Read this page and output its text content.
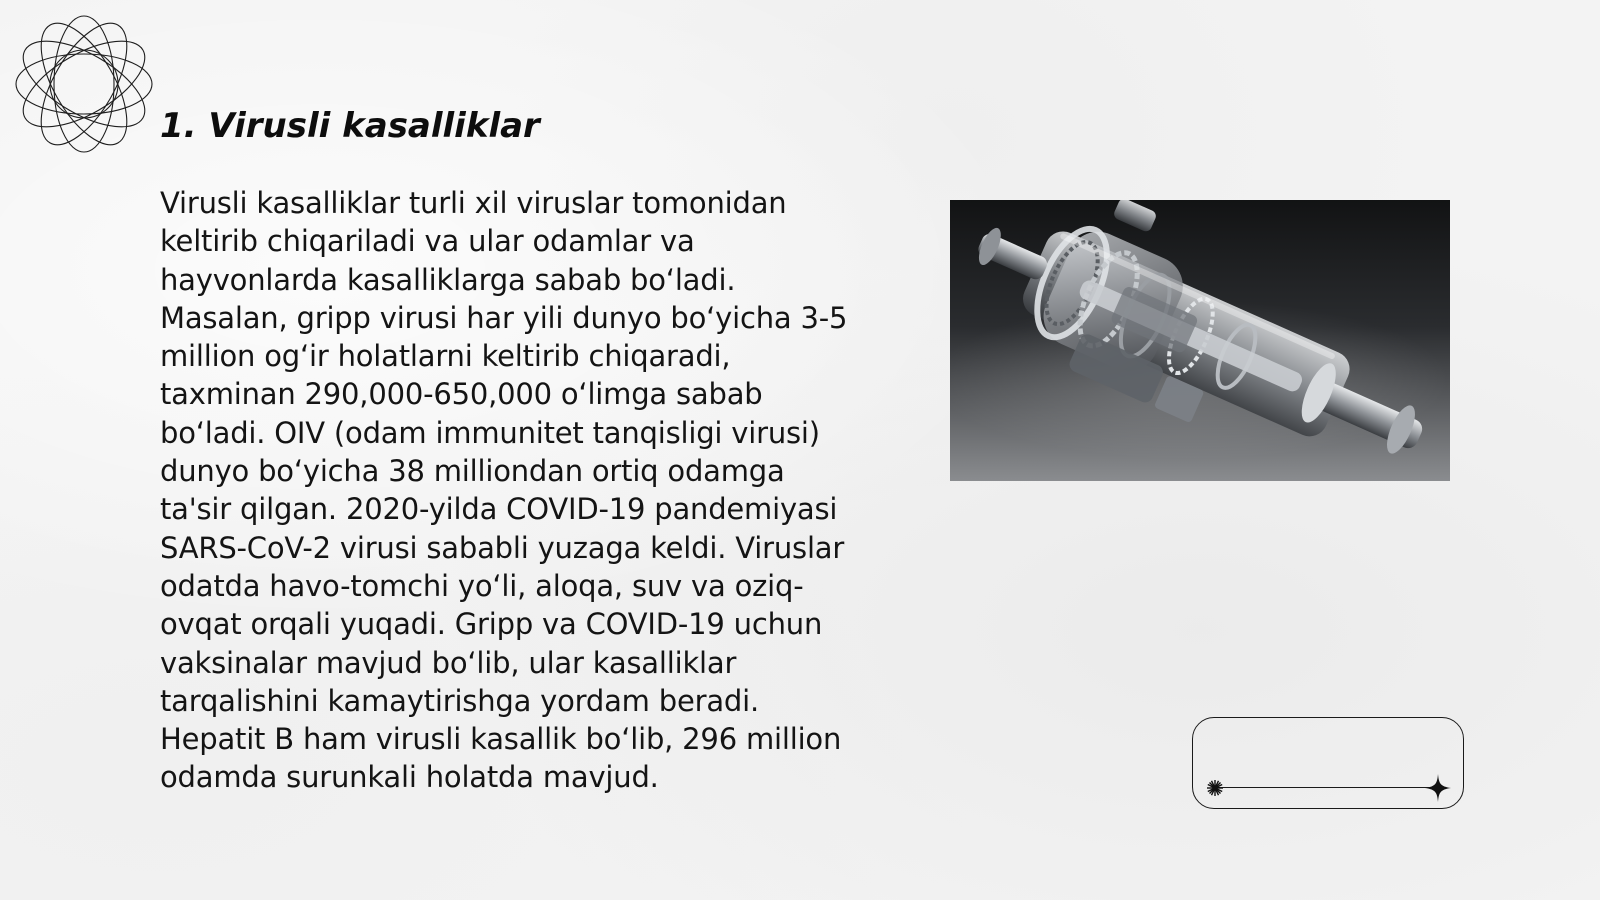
1. Virusli kasalliklar

Virusli kasalliklar turli xil viruslar tomonidan keltirib chiqariladi va ular odamlar va hayvonlarda kasalliklarga sabab bo‘ladi. Masalan, gripp virusi har yili dunyo bo‘yicha 3-5 million og‘ir holatlarni keltirib chiqaradi, taxminan 290,000-650,000 o‘limga sabab bo‘ladi. OIV (odam immunitet tanqisligi virusi) dunyo bo‘yicha 38 milliondan ortiq odamga ta'sir qilgan. 2020-yilda COVID-19 pandemiyasi SARS-CoV-2 virusi sababli yuzaga keldi. Viruslar odatda havo-tomchi yo‘li, aloqa, suv va oziq-ovqat orqali yuqadi. Gripp va COVID-19 uchun vaksinalar mavjud bo‘lib, ular kasalliklar tarqalishini kamaytirishga yordam beradi. Hepatit B ham virusli kasallik bo‘lib, 296 million odamda surunkali holatda mavjud.
